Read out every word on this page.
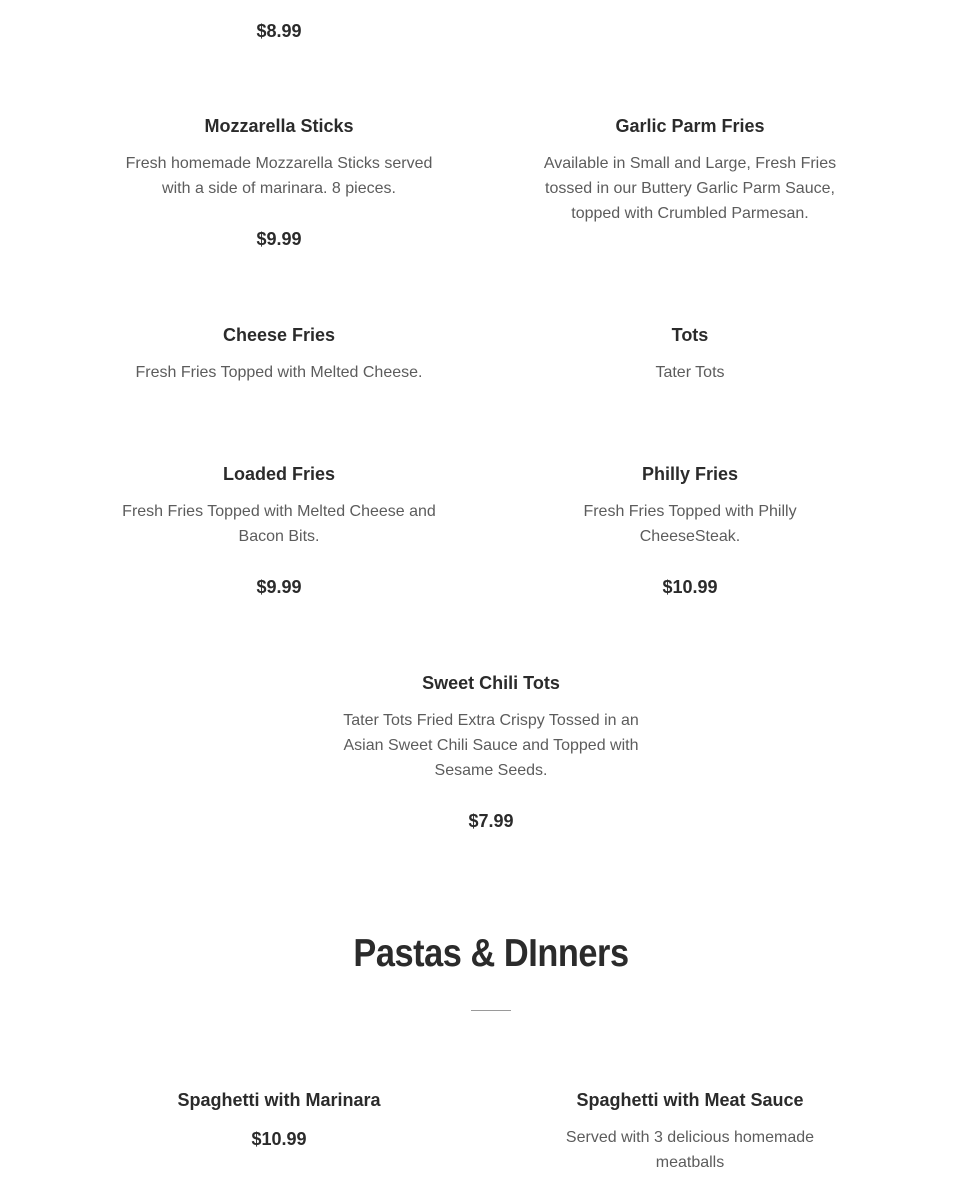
$8.99

Mozzarella Sticks

Fresh homemade Mozzarella Sticks served with a side of marinara. 8 pieces.

$9.99

Garlic Parm Fries

Available in Small and Large, Fresh Fries tossed in our Buttery Garlic Parm Sauce, topped with Crumbled Parmesan.

Cheese Fries

Fresh Fries Topped with Melted Cheese.

Tots

Tater Tots

Loaded Fries

Fresh Fries Topped with Melted Cheese and Bacon Bits.

$9.99

Philly Fries

Fresh Fries Topped with Philly CheeseSteak.

$10.99

Sweet Chili Tots

Tater Tots Fried Extra Crispy Tossed in an Asian Sweet Chili Sauce and Topped with Sesame Seeds.

$7.99

Pastas & DInners

Spaghetti with Marinara

$10.99

Spaghetti with Meat Sauce

Served with 3 delicious homemade meatballs
